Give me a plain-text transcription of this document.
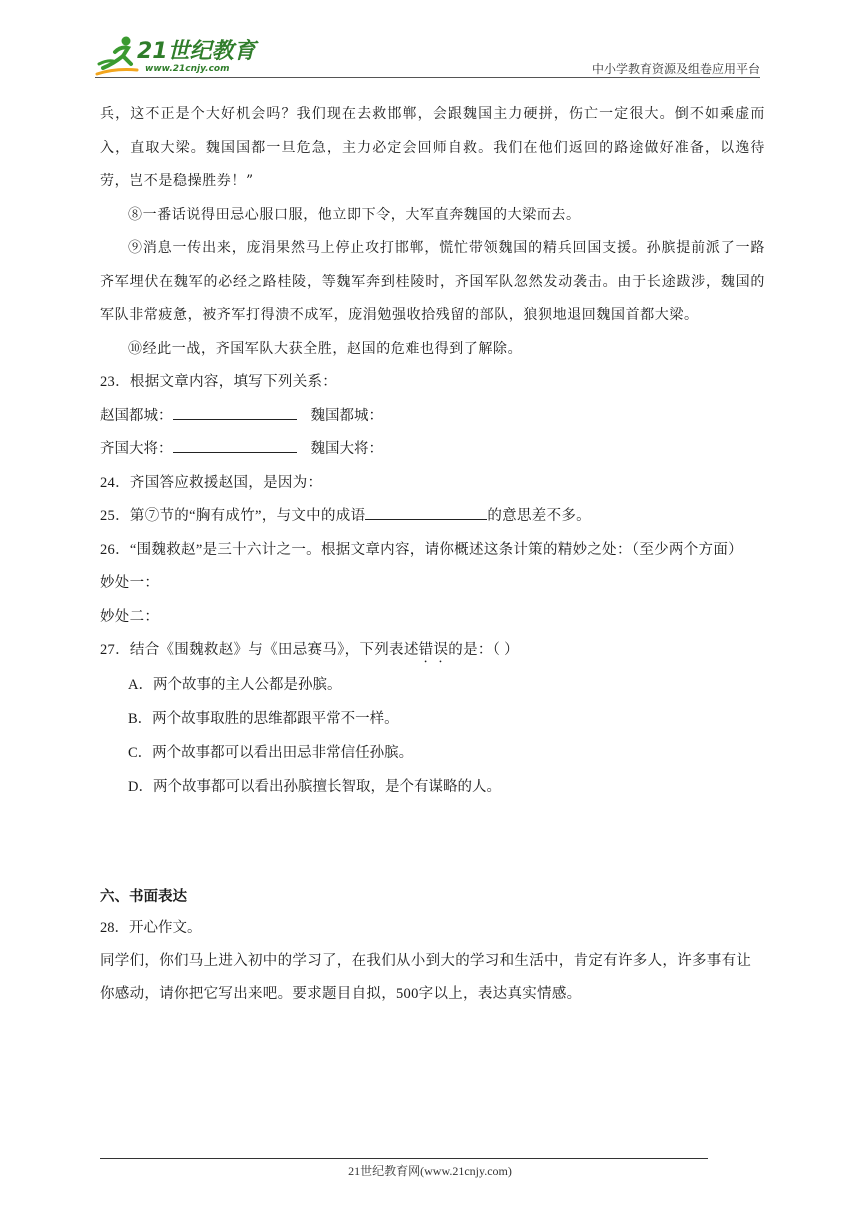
21世纪教育
www.21cnjy.com	中小学教育资源及组卷应用平台

兵，这不正是个大好机会吗？我们现在去救邯郸，会跟魏国主力硬拼，伤亡一定很大。倒不如乘虚而入，直取大梁。魏国国都一旦危急，主力必定会回师自救。我们在他们返回的路途做好准备，以逸待劳，岂不是稳操胜券！”

⑧一番话说得田忌心服口服，他立即下令，大军直奔魏国的大梁而去。

⑨消息一传出来，庞涓果然马上停止攻打邯郸，慌忙带领魏国的精兵回国支援。孙膑提前派了一路齐军埋伏在魏军的必经之路桂陵，等魏军奔到桂陵时，齐国军队忽然发动袭击。由于长途跋涉，魏国的军队非常疲惫，被齐军打得溃不成军，庞涓勉强收拾残留的部队，狼狈地退回魏国首都大梁。

⑩经此一战，齐国军队大获全胜，赵国的危难也得到了解除。

23．根据文章内容，填写下列关系：

赵国都城：	魏国都城：

齐国大将：	魏国大将：

24．齐国答应救援赵国，是因为：

25．第⑦节的“胸有成竹”，与文中的成语	的意思差不多。

26．“围魏救赵”是三十六计之一。根据文章内容，请你概述这条计策的精妙之处：（至少两个方面）

妙处一：

妙处二：

27．结合《围魏救赵》与《田忌赛马》，下列表述错误的是：（ ）

A．两个故事的主人公都是孙膑。

B．两个故事取胜的思维都跟平常不一样。

C．两个故事都可以看出田忌非常信任孙膑。

D．两个故事都可以看出孙膑擅长智取，是个有谋略的人。

六、书面表达

28．开心作文。

同学们，你们马上进入初中的学习了，在我们从小到大的学习和生活中，肯定有许多人，许多事有让你感动，请你把它写出来吧。要求题目自拟，500字以上，表达真实情感。

21世纪教育网(www.21cnjy.com)
